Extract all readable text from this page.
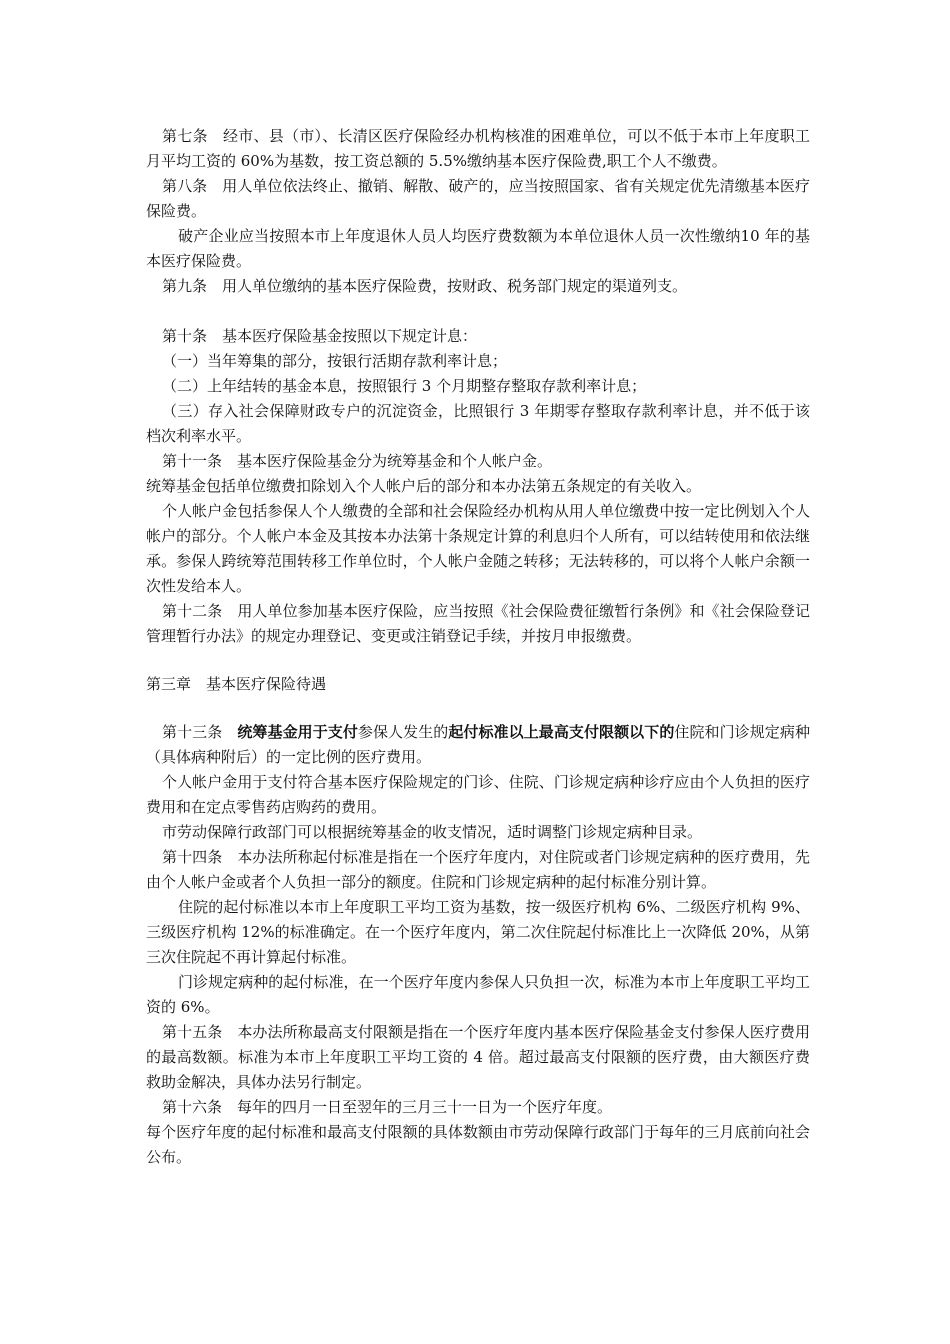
第七条　经市、县（市）、长清区医疗保险经办机构核准的困难单位，可以不低于本市上年度职工月平均工资的 60%为基数，按工资总额的 5.5%缴纳基本医疗保险费,职工个人不缴费。

第八条　用人单位依法终止、撤销、解散、破产的，应当按照国家、省有关规定优先清缴基本医疗保险费。

破产企业应当按照本市上年度退休人员人均医疗费数额为本单位退休人员一次性缴纳10 年的基本医疗保险费。

第九条　用人单位缴纳的基本医疗保险费，按财政、税务部门规定的渠道列支。

第十条　基本医疗保险基金按照以下规定计息：

（一）当年筹集的部分，按银行活期存款利率计息；

（二）上年结转的基金本息，按照银行 3 个月期整存整取存款利率计息；

（三）存入社会保障财政专户的沉淀资金，比照银行 3 年期零存整取存款利率计息，并不低于该档次利率水平。

第十一条　基本医疗保险基金分为统筹基金和个人帐户金。

统筹基金包括单位缴费扣除划入个人帐户后的部分和本办法第五条规定的有关收入。

个人帐户金包括参保人个人缴费的全部和社会保险经办机构从用人单位缴费中按一定比例划入个人帐户的部分。个人帐户本金及其按本办法第十条规定计算的利息归个人所有，可以结转使用和依法继承。参保人跨统筹范围转移工作单位时，个人帐户金随之转移；无法转移的，可以将个人帐户余额一次性发给本人。

第十二条　用人单位参加基本医疗保险，应当按照《社会保险费征缴暂行条例》和《社会保险登记管理暂行办法》的规定办理登记、变更或注销登记手续，并按月申报缴费。

第三章　基本医疗保险待遇

第十三条　统筹基金用于支付参保人发生的起付标准以上最高支付限额以下的住院和门诊规定病种（具体病种附后）的一定比例的医疗费用。

个人帐户金用于支付符合基本医疗保险规定的门诊、住院、门诊规定病种诊疗应由个人负担的医疗费用和在定点零售药店购药的费用。

市劳动保障行政部门可以根据统筹基金的收支情况，适时调整门诊规定病种目录。

第十四条　本办法所称起付标准是指在一个医疗年度内，对住院或者门诊规定病种的医疗费用，先由个人帐户金或者个人负担一部分的额度。住院和门诊规定病种的起付标准分别计算。

住院的起付标准以本市上年度职工平均工资为基数，按一级医疗机构 6%、二级医疗机构 9%、三级医疗机构 12%的标准确定。在一个医疗年度内，第二次住院起付标准比上一次降低 20%，从第三次住院起不再计算起付标准。

门诊规定病种的起付标准，在一个医疗年度内参保人只负担一次，标准为本市上年度职工平均工资的 6%。

第十五条　本办法所称最高支付限额是指在一个医疗年度内基本医疗保险基金支付参保人医疗费用的最高数额。标准为本市上年度职工平均工资的 4 倍。超过最高支付限额的医疗费，由大额医疗费救助金解决，具体办法另行制定。

第十六条　每年的四月一日至翌年的三月三十一日为一个医疗年度。

每个医疗年度的起付标准和最高支付限额的具体数额由市劳动保障行政部门于每年的三月底前向社会公布。
